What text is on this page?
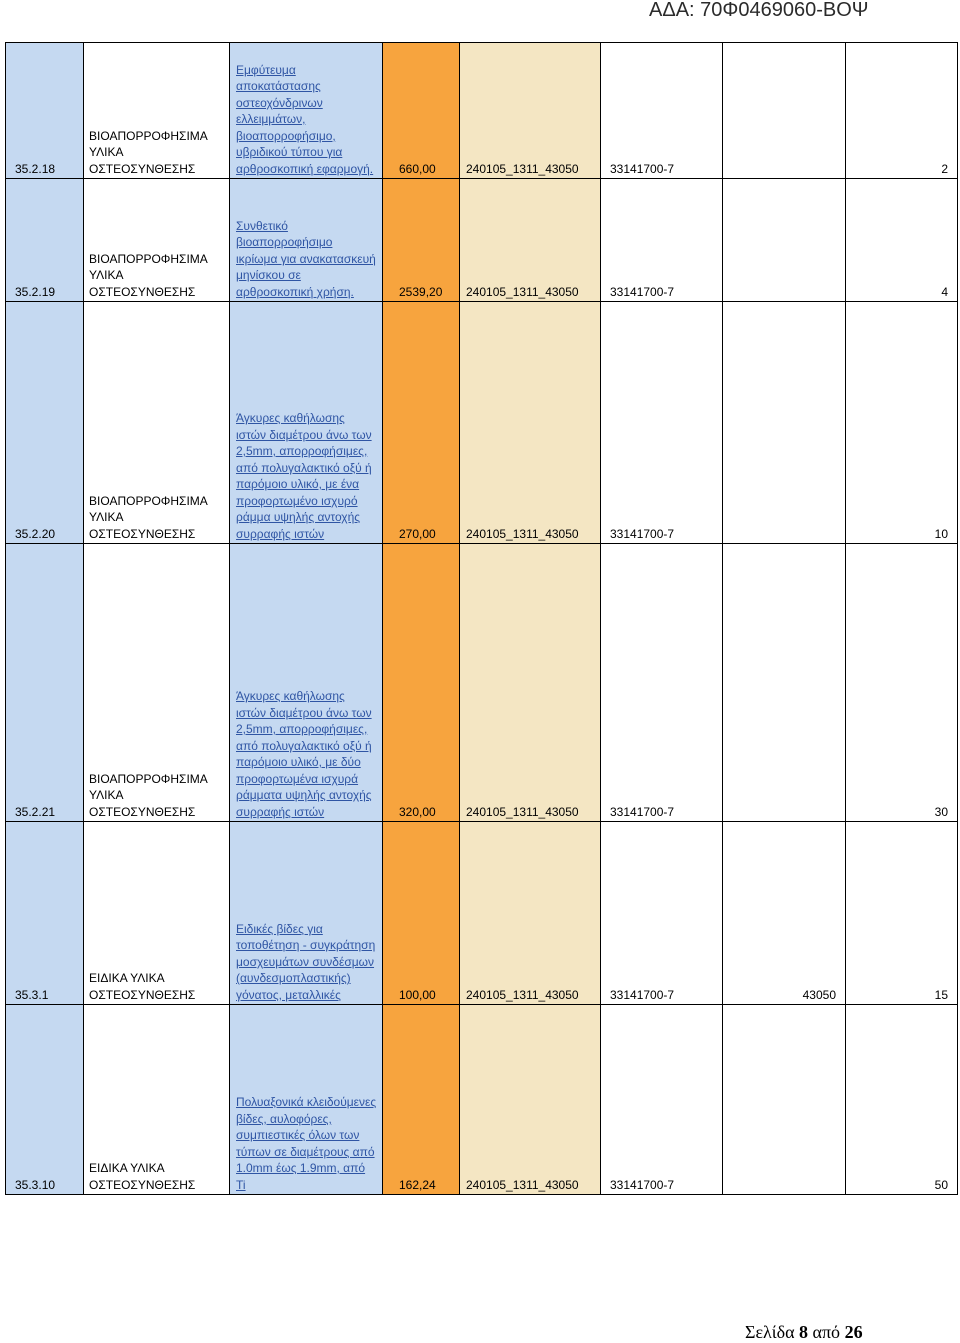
ΑΔΑ: 70Φ0469060-ΒΟΨ
35.2.18	ΒΙΟΑΠΟΡΡΟΦΗΣΙΜΑ ΥΛΙΚΑ ΟΣΤΕΟΣΥΝΘΕΣΗΣ	Εμφύτευμα αποκατάστασης οστεοχόνδρινων ελλειμμάτων, βιοαπορροφήσιμο, υβριδικού τύπου για αρθροσκοπική εφαρμογή.	660,00	240105_1311_43050	33141700-7		2
35.2.19	ΒΙΟΑΠΟΡΡΟΦΗΣΙΜΑ ΥΛΙΚΑ ΟΣΤΕΟΣΥΝΘΕΣΗΣ	Συνθετικό βιοαπορροφήσιμο ικρίωμα για ανακατασκευή μηνίσκου σε αρθροσκοπική χρήση.	2539,20	240105_1311_43050	33141700-7		4
35.2.20	ΒΙΟΑΠΟΡΡΟΦΗΣΙΜΑ ΥΛΙΚΑ ΟΣΤΕΟΣΥΝΘΕΣΗΣ	Άγκυρες καθήλωσης ιστών διαμέτρου άνω των 2,5mm, απορροφήσιμες, από πολυγαλακτικό οξύ ή παρόμοιο υλικό, με ένα προφορτωμένο ισχυρό ράμμα υψηλής αντοχής συρραφής ιστών	270,00	240105_1311_43050	33141700-7		10
35.2.21	ΒΙΟΑΠΟΡΡΟΦΗΣΙΜΑ ΥΛΙΚΑ ΟΣΤΕΟΣΥΝΘΕΣΗΣ	Άγκυρες καθήλωσης ιστών διαμέτρου άνω των 2,5mm, απορροφήσιμες, από πολυγαλακτικό οξύ ή παρόμοιο υλικό, με δύο προφορτωμένα ισχυρά ράμματα υψηλής αντοχής συρραφής ιστών	320,00	240105_1311_43050	33141700-7		30
35.3.1	ΕΙΔΙΚΑ ΥΛΙΚΑ ΟΣΤΕΟΣΥΝΘΕΣΗΣ	Ειδικές βίδες για τοποθέτηση - συγκράτηση μοσχευμάτων συνδέσμων (αυνδεσμοπλαστικής) γόνατος, μεταλλικές	100,00	240105_1311_43050	33141700-7	43050	15
35.3.10	ΕΙΔΙΚΑ ΥΛΙΚΑ ΟΣΤΕΟΣΥΝΘΕΣΗΣ	Πολυαξονικά κλειδούμενες βίδες, αυλοφόρες, συμπιεστικές όλων των τύπων σε διαμέτρους από 1.0mm έως 1.9mm, από Ti	162,24	240105_1311_43050	33141700-7		50
Σελίδα 8 από 26
